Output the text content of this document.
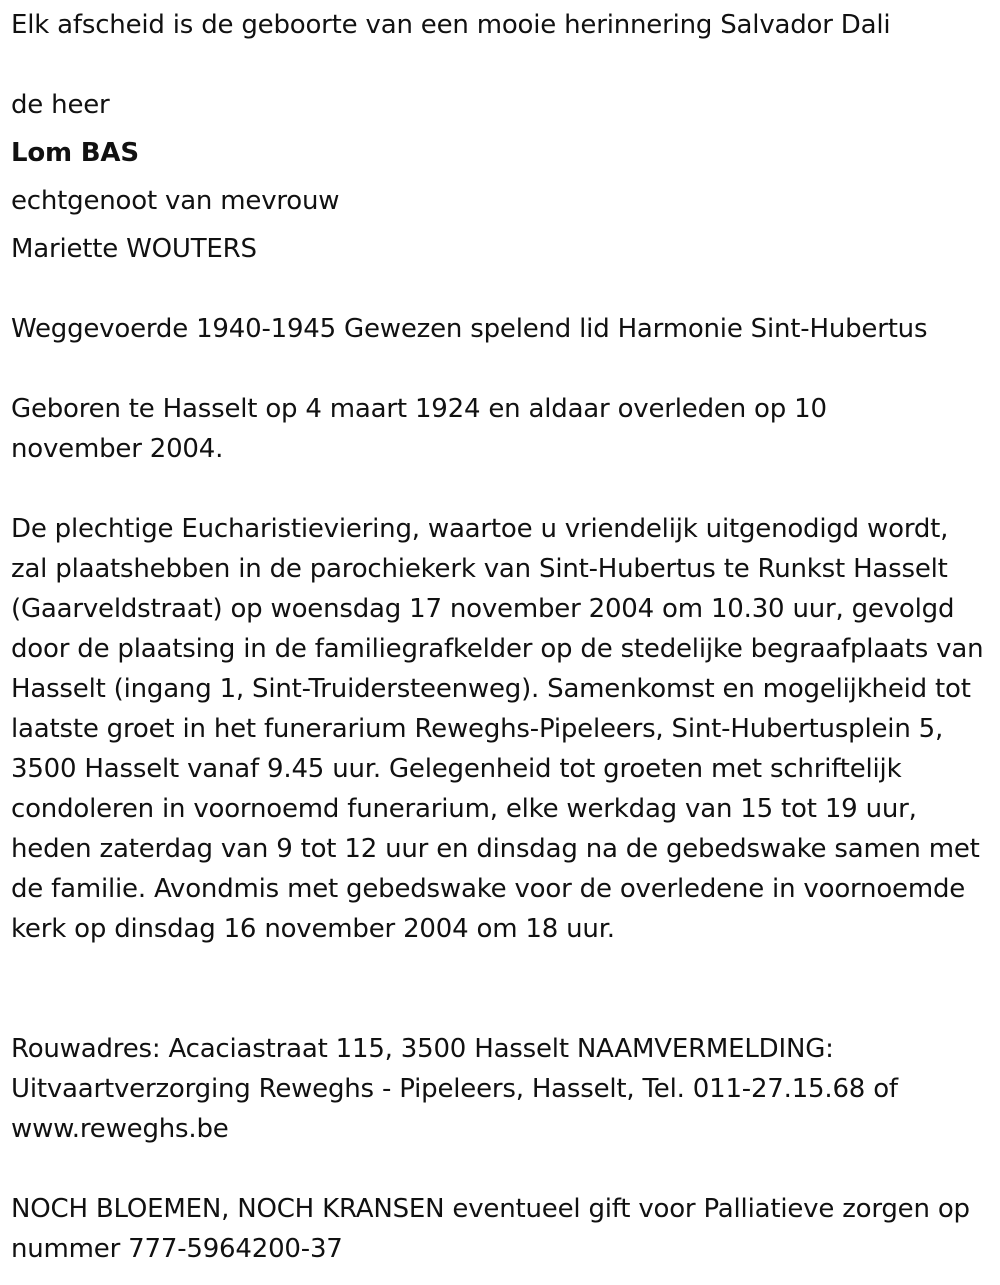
Elk afscheid is de geboorte van een mooie herinnering Salvador Dali
de heer
Lom BAS
echtgenoot van mevrouw
Mariette WOUTERS
Weggevoerde 1940-1945 Gewezen spelend lid Harmonie Sint-Hubertus
Geboren te Hasselt op 4 maart 1924 en aldaar overleden op 10 november 2004.
De plechtige Eucharistieviering, waartoe u vriendelijk uitgenodigd wordt, zal plaatshebben in de parochiekerk van Sint-Hubertus te Runkst Hasselt (Gaarveldstraat) op woensdag 17 november 2004 om 10.30 uur, gevolgd door de plaatsing in de familiegrafkelder op de stedelijke begraafplaats van Hasselt (ingang 1, Sint-Truidersteenweg). Samenkomst en mogelijkheid tot laatste groet in het funerarium Reweghs-Pipeleers, Sint-Hubertusplein 5, 3500 Hasselt vanaf 9.45 uur. Gelegenheid tot groeten met schriftelijk condoleren in voornoemd funerarium, elke werkdag van 15 tot 19 uur, heden zaterdag van 9 tot 12 uur en dinsdag na de gebedswake samen met de familie. Avondmis met gebedswake voor de overledene in voornoemde kerk op dinsdag 16 november 2004 om 18 uur.
Rouwadres: Acaciastraat 115, 3500 Hasselt NAAMVERMELDING: Uitvaartverzorging Reweghs - Pipeleers, Hasselt, Tel. 011-27.15.68 of www.reweghs.be
NOCH BLOEMEN, NOCH KRANSEN eventueel gift voor Palliatieve zorgen op nummer 777-5964200-37
